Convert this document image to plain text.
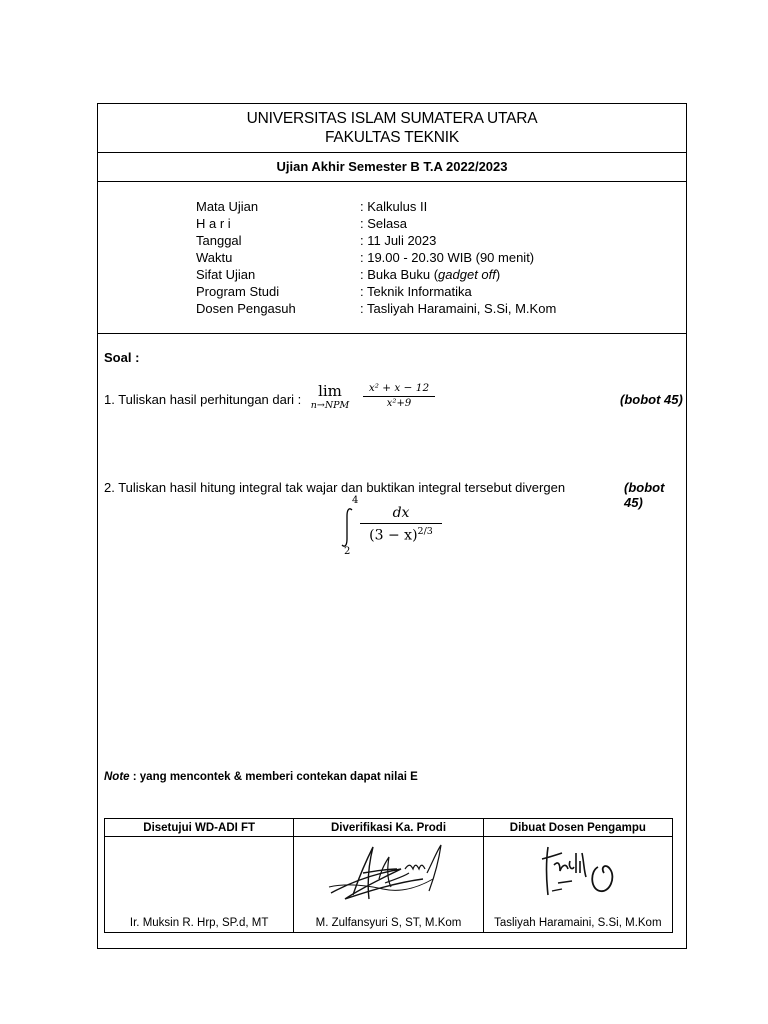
UNIVERSITAS ISLAM SUMATERA UTARA
FAKULTAS TEKNIK
Ujian Akhir Semester B T.A 2022/2023
Mata Ujian	: Kalkulus II
H a r i	: Selasa
Tanggal	: 11 Juli 2023
Waktu	: 19.00 - 20.30 WIB (90 menit)
Sifat Ujian	: Buka Buku (gadget off)
Program Studi	: Teknik Informatika
Dosen Pengasuh	: Tasliyah Haramaini, S.Si, M.Kom
Soal :
1. Tuliskan hasil perhitungan dari :	lim
n→NPM
x² + x − 12
x²+9	(bobot 45)
2. Tuliskan hasil hitung integral tak wajar dan buktikan integral tersebut divergen	(bobot 45)
4
2
dx
$(3 - x)^{2/3}$
Note : yang mencontek & memberi contekan dapat nilai E
Disetujui WD-ADI FT	Diverifikasi Ka. Prodi	Dibuat Dosen Pengampu
Ir. Muksin R. Hrp, SP.d, MT	M. Zulfansyuri S, ST, M.Kom	Tasliyah Haramaini, S.Si, M.Kom
